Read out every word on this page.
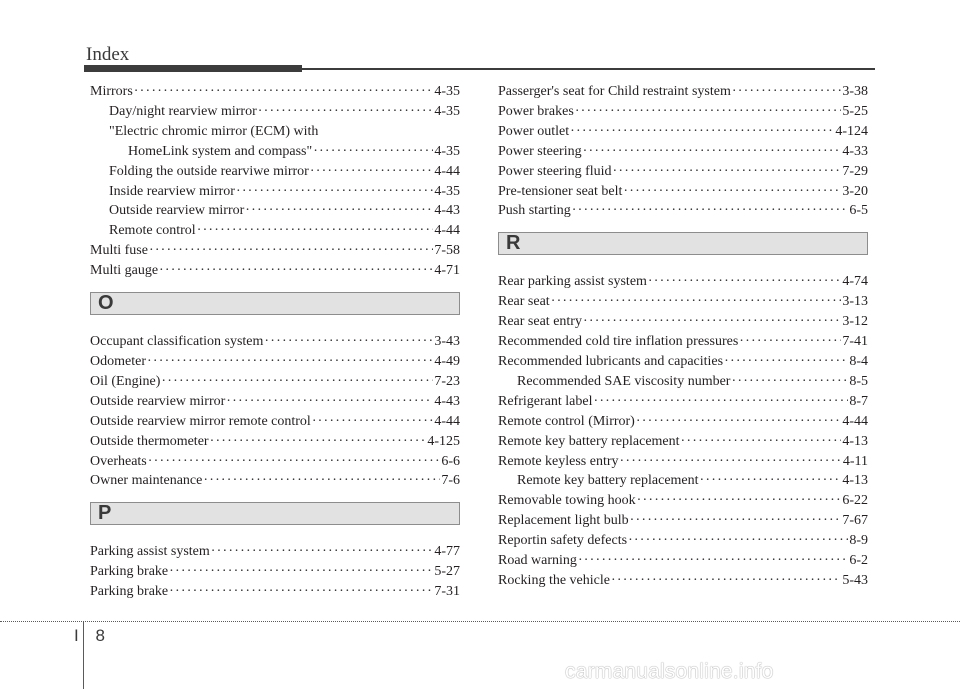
Index
Mirrors ·····	4-35
Day/night rearview mirror ·····	4-35
"Electric chromic mirror (ECM) with
HomeLink system and compass" ·····	4-35
Folding the outside rearviwe mirror ·····	4-44
Inside rearview mirror ·····	4-35
Outside rearview mirror ·····	4-43
Remote control ·····	4-44
Multi fuse ·····	7-58
Multi gauge ·····	4-71
O
Occupant classification system ·····	3-43
Odometer ·····	4-49
Oil (Engine) ·····	7-23
Outside rearview mirror ·····	4-43
Outside rearview mirror remote control ·····	4-44
Outside thermometer ·····	4-125
Overheats ·····	6-6
Owner maintenance ·····	7-6
P
Parking assist system ·····	4-77
Parking brake ·····	5-27
Parking brake ·····	7-31
Passerger's seat for Child restraint system ·····	3-38
Power brakes ·····	5-25
Power outlet ·····	4-124
Power steering ·····	4-33
Power steering fluid ·····	7-29
Pre-tensioner seat belt ·····	3-20
Push starting ·····	6-5
R
Rear parking assist system ·····	4-74
Rear seat ·····	3-13
Rear seat entry ·····	3-12
Recommended cold tire inflation pressures ·····	7-41
Recommended lubricants and capacities ·····	8-4
Recommended SAE viscosity number ·····	8-5
Refrigerant label ·····	8-7
Remote control (Mirror) ·····	4-44
Remote key battery replacement ·····	4-13
Remote keyless entry ·····	4-11
Remote key battery replacement ·····	4-13
Removable towing hook ·····	6-22
Replacement light bulb ·····	7-67
Reportin safety defects ·····	8-9
Road warning ·····	6-2
Rocking the vehicle ·····	5-43
I 8
carmanualsonline.info
